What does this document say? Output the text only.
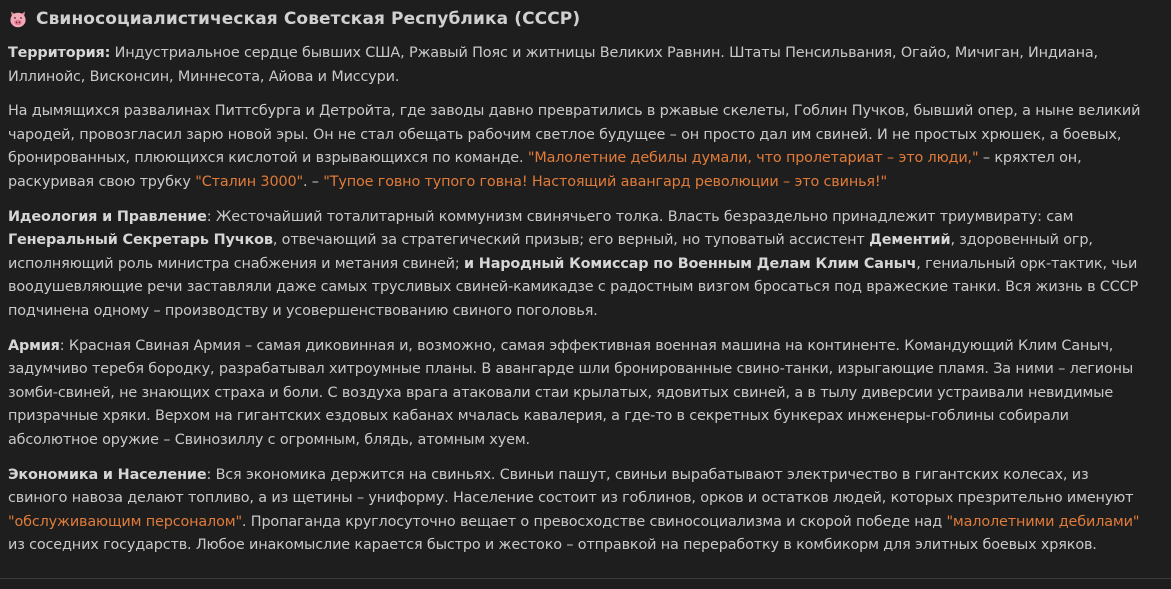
Свиносоциалистическая Советская Республика (СССР)

Территория: Индустриальное сердце бывших США, Ржавый Пояс и житницы Великих Равнин. Штаты Пенсильвания, Огайо, Мичиган, Индиана, Иллинойс, Висконсин, Миннесота, Айова и Миссури.

На дымящихся развалинах Питтсбурга и Детройта, где заводы давно превратились в ржавые скелеты, Гоблин Пучков, бывший опер, а ныне великий чародей, провозгласил зарю новой эры. Он не стал обещать рабочим светлое будущее – он просто дал им свиней. И не простых хрюшек, а боевых, бронированных, плюющихся кислотой и взрывающихся по команде. "Малолетние дебилы думали, что пролетариат – это люди," – кряхтел он, раскуривая свою трубку "Сталин 3000". – "Тупое говно тупого говна! Настоящий авангард революции – это свинья!"

Идеология и Правление: Жесточайший тоталитарный коммунизм свинячьего толка. Власть безраздельно принадлежит триумвирату: сам Генеральный Секретарь Пучков, отвечающий за стратегический призыв; его верный, но туповатый ассистент Дементий, здоровенный огр, исполняющий роль министра снабжения и метания свиней; и Народный Комиссар по Военным Делам Клим Саныч, гениальный орк-тактик, чьи воодушевляющие речи заставляли даже самых трусливых свиней-камикадзе с радостным визгом бросаться под вражеские танки. Вся жизнь в СССР подчинена одному – производству и усовершенствованию свиного поголовья.

Армия: Красная Свиная Армия – самая диковинная и, возможно, самая эффективная военная машина на континенте. Командующий Клим Саныч, задумчиво теребя бородку, разрабатывал хитроумные планы. В авангарде шли бронированные свино-танки, изрыгающие пламя. За ними – легионы зомби-свиней, не знающих страха и боли. С воздуха врага атаковали стаи крылатых, ядовитых свиней, а в тылу диверсии устраивали невидимые призрачные хряки. Верхом на гигантских ездовых кабанах мчалась кавалерия, а где-то в секретных бункерах инженеры-гоблины собирали абсолютное оружие – Свинозиллу с огромным, блядь, атомным хуем.

Экономика и Население: Вся экономика держится на свиньях. Свиньи пашут, свиньи вырабатывают электричество в гигантских колесах, из свиного навоза делают топливо, а из щетины – униформу. Население состоит из гоблинов, орков и остатков людей, которых презрительно именуют "обслуживающим персоналом". Пропаганда круглосуточно вещает о превосходстве свиносоциализма и скорой победе над "малолетними дебилами" из соседних государств. Любое инакомыслие карается быстро и жестоко – отправкой на переработку в комбикорм для элитных боевых хряков.
